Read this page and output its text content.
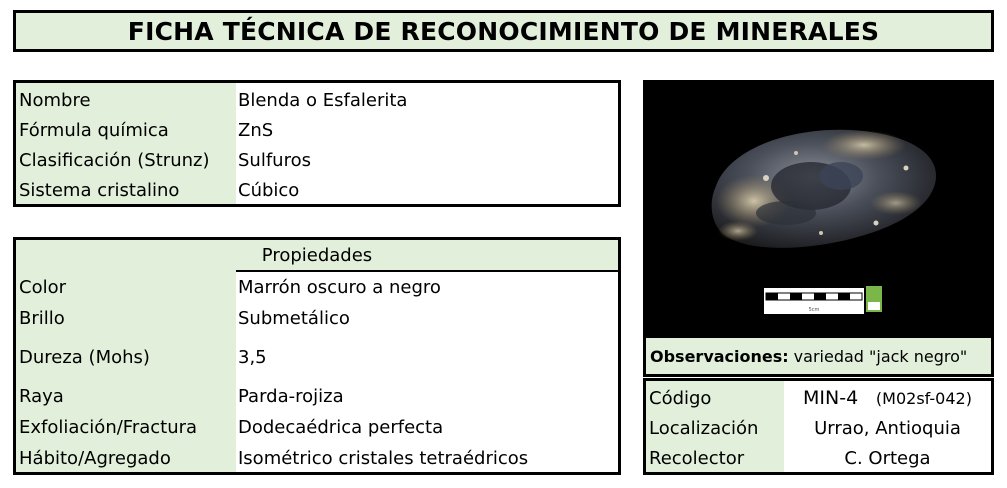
FICHA TÉCNICA DE RECONOCIMIENTO DE MINERALES
Nombre	Blenda o Esfalerita
Fórmula química	ZnS
Clasificación (Strunz) Sulfuros
Sistema cristalino	Cúbico
Propiedades
Color	Marrón oscuro a negro
Brillo	Submetálico
Dureza (Mohs)	3,5
Raya	Parda-rojiza
Exfoliación/Fractura Dodecaédrica perfecta
Hábito/Agregado	Isométrico cristales tetraédricos
5cm
Observaciones: variedad "jack negro"
Código	MIN-4 (M02sf-042)
Localización	Urrao, Antioquia
Recolector	C. Ortega
